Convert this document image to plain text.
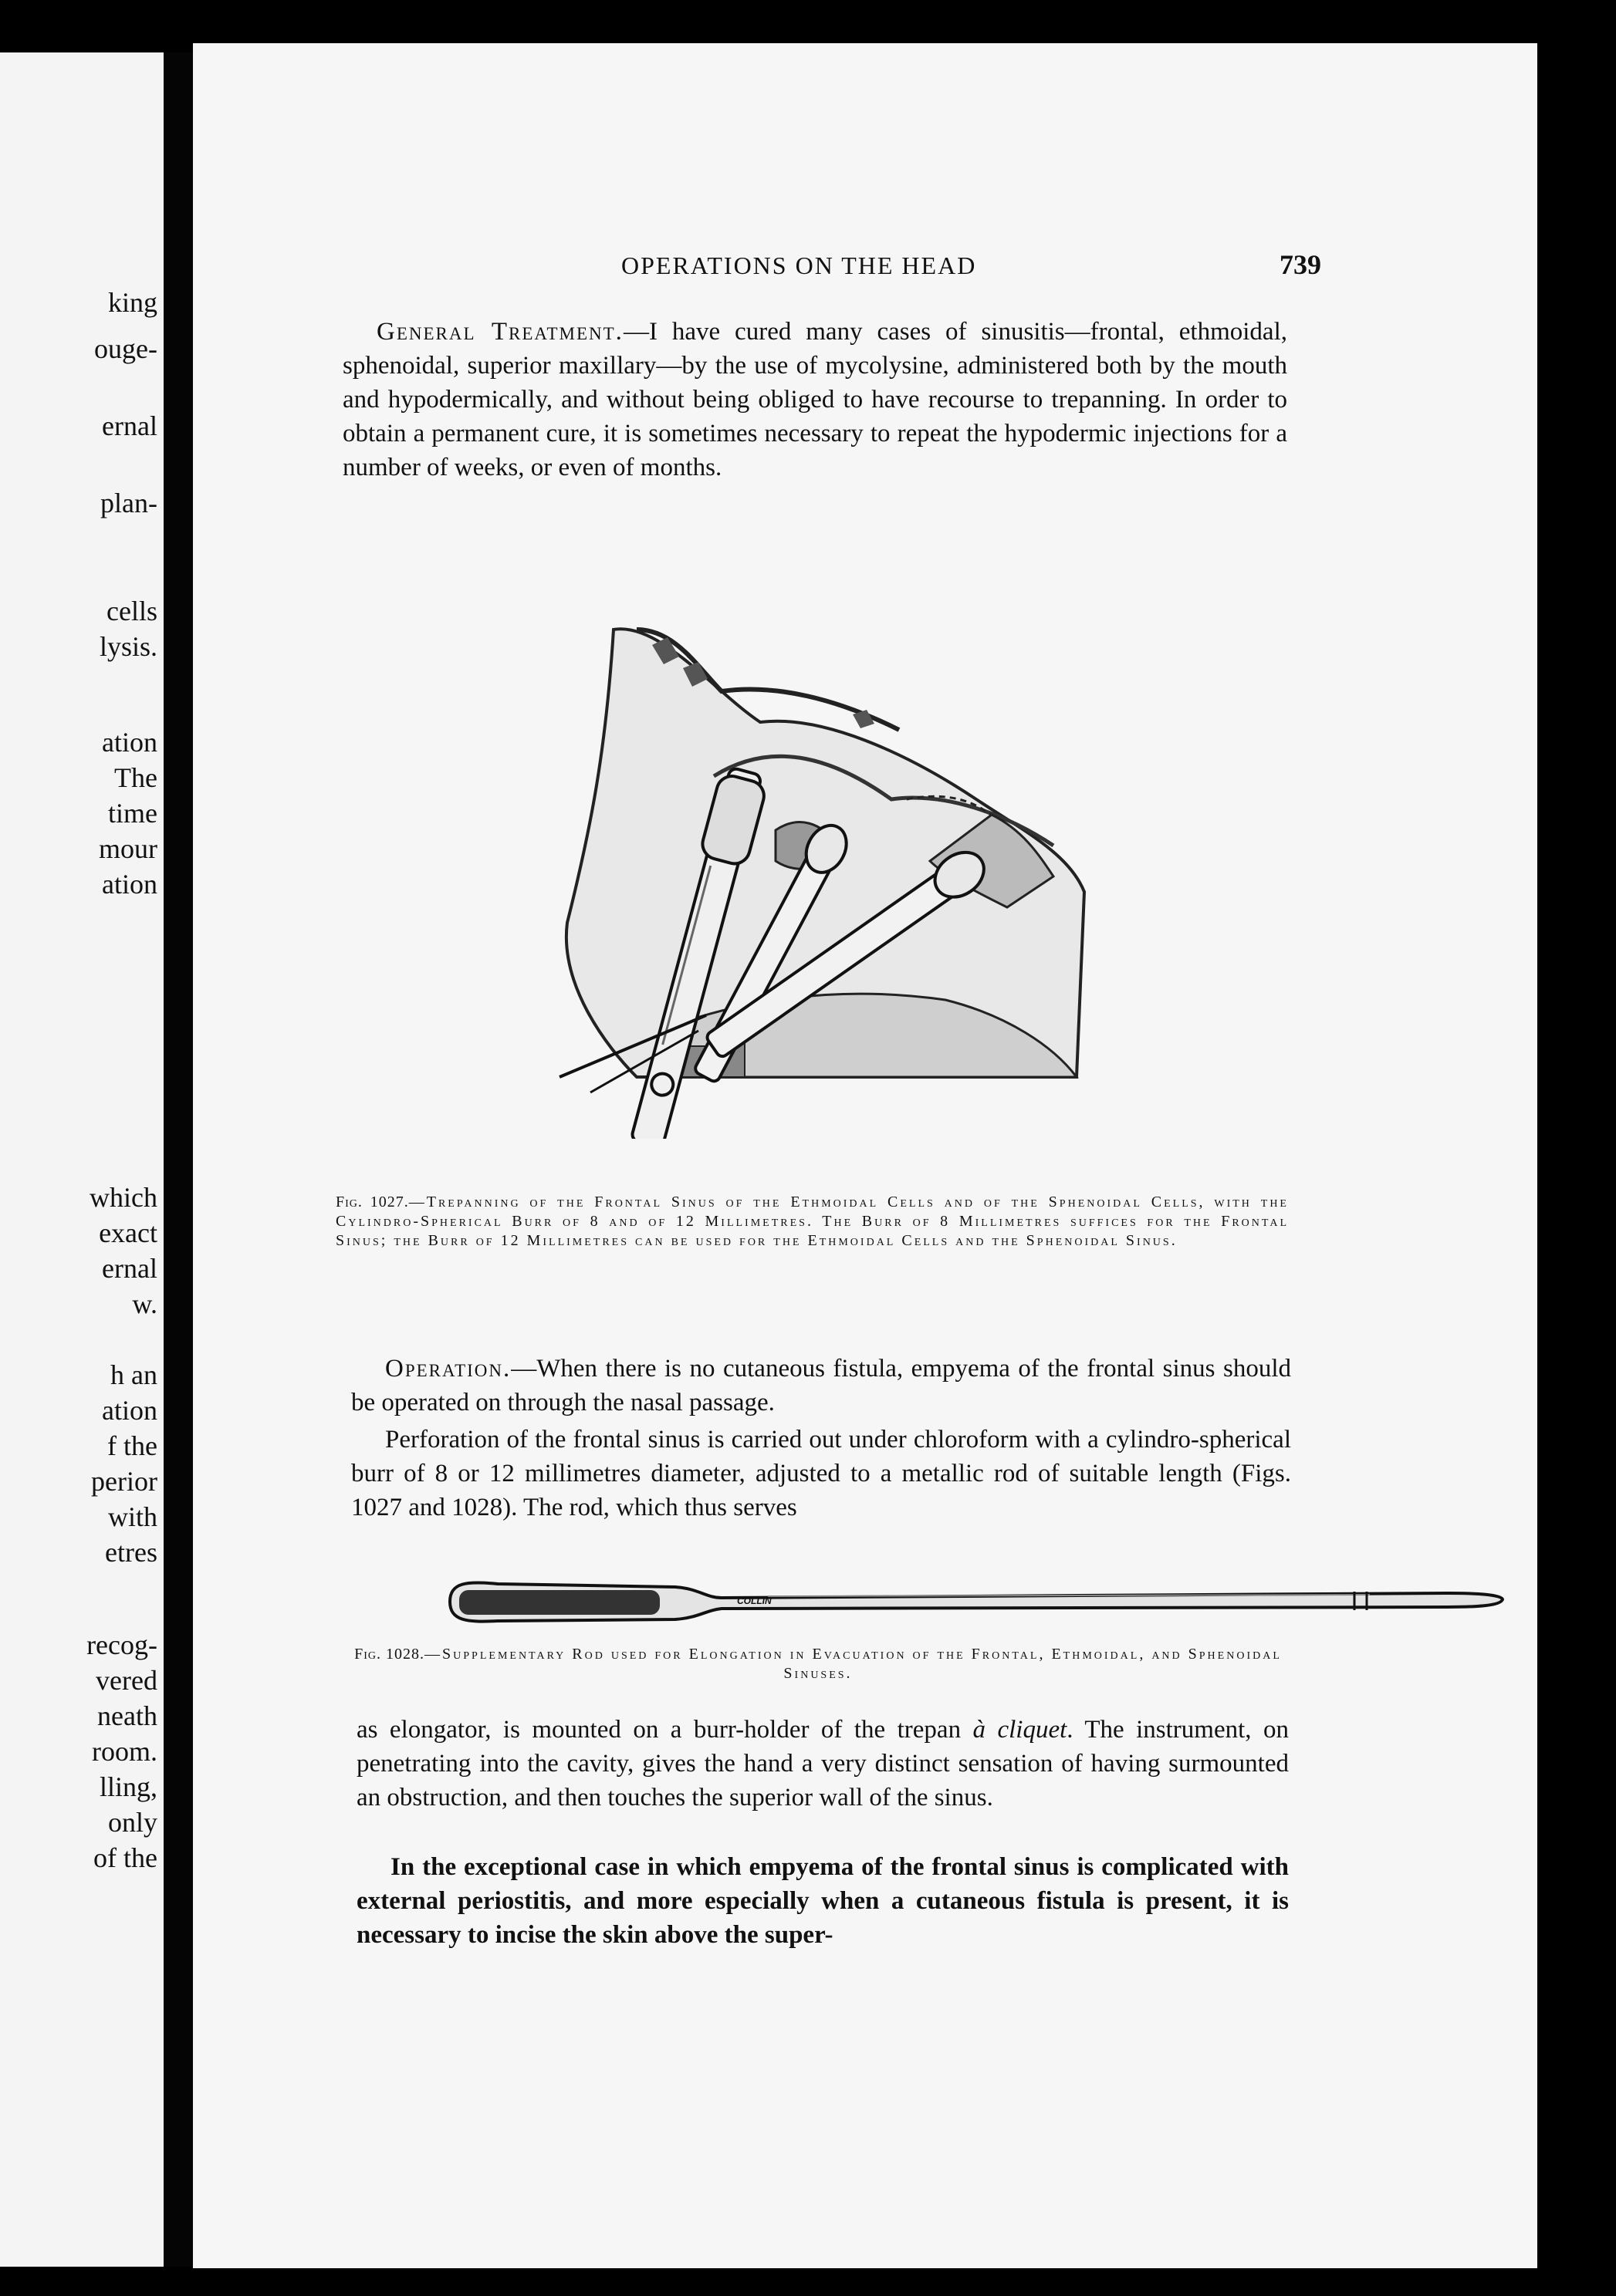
king
ouge-
ernal
plan-
cells
lysis.
ation
The
time
mour
ation
which
exact
ernal
w.
h an
ation
f the
perior
with
etres
recog-
vered
neath
room.
lling,
only
of the
OPERATIONS ON THE HEAD	739

General Treatment.—I have cured many cases of sinusitis—frontal, ethmoidal, sphenoidal, superior maxillary—by the use of mycolysine, administered both by the mouth and hypodermically, and without being obliged to have recourse to trepanning. In order to obtain a permanent cure, it is sometimes necessary to repeat the hypodermic injections for a number of weeks, or even of months.

Fig. 1027.—Trepanning of the Frontal Sinus of the Ethmoidal Cells and of the Sphenoidal Cells, with the Cylindro-Spherical Burr of 8 and of 12 Millimetres. The Burr of 8 Millimetres suffices for the Frontal Sinus; the Burr of 12 Millimetres can be used for the Ethmoidal Cells and the Sphenoidal Sinus.

Operation.—When there is no cutaneous fistula, empyema of the frontal sinus should be operated on through the nasal passage.

Perforation of the frontal sinus is carried out under chloroform with a cylindro-spherical burr of 8 or 12 millimetres diameter, adjusted to a metallic rod of suitable length (Figs. 1027 and 1028). The rod, which thus serves

COLLIN

Fig. 1028.—Supplementary Rod used for Elongation in Evacuation of the Frontal, Ethmoidal, and Sphenoidal Sinuses.

as elongator, is mounted on a burr-holder of the trepan à cliquet. The instrument, on penetrating into the cavity, gives the hand a very distinct sensation of having surmounted an obstruction, and then touches the superior wall of the sinus.

In the exceptional case in which empyema of the frontal sinus is complicated with external periostitis, and more especially when a cutaneous fistula is present, it is necessary to incise the skin above the super-
